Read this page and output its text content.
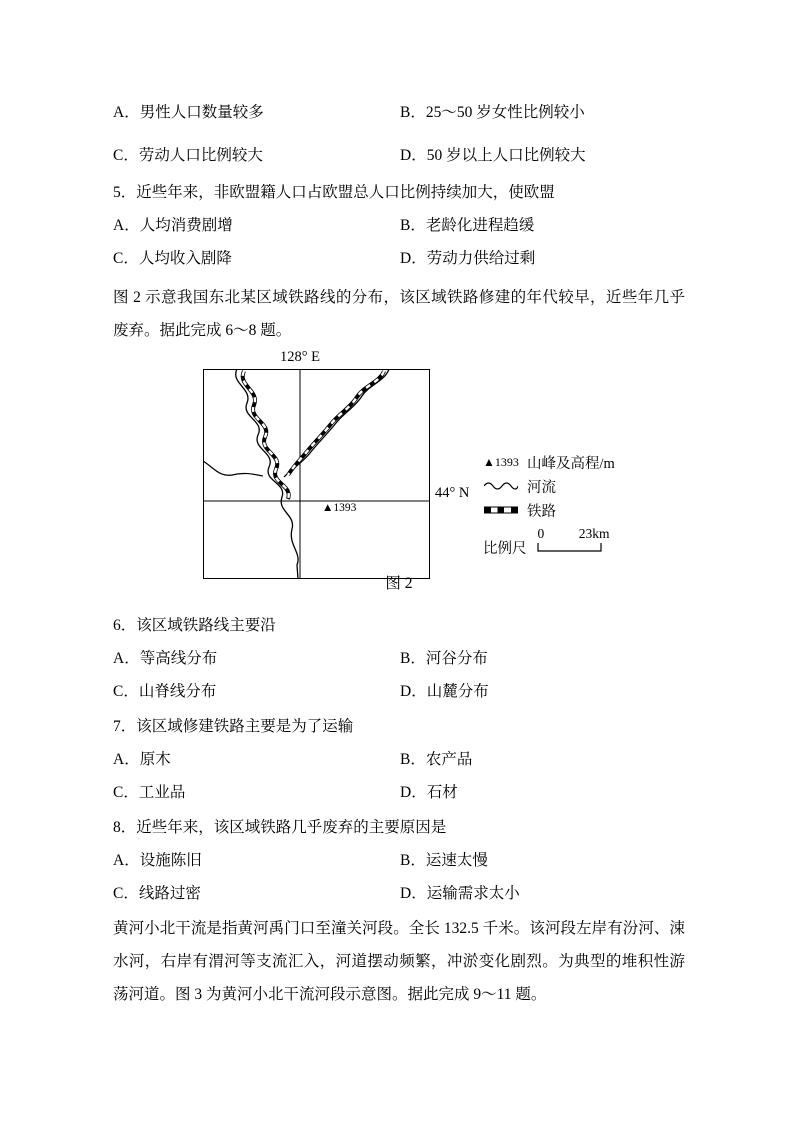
A．男性人口数量较多	B．25～50 岁女性比例较小
C．劳动人口比例较大	D．50 岁以上人口比例较大
5．近些年来，非欧盟籍人口占欧盟总人口比例持续加大，使欧盟
A．人均消费剧增	B．老龄化进程趋缓
C．人均收入剧降	D．劳动力供给过剩
图 2 示意我国东北某区域铁路线的分布，该区域铁路修建的年代较早，近些年几乎废弃。据此完成 6～8 题。
128° E
▲1393
44° N
▲1393 山峰及高程/m
河流
铁路
比例尺
0	23km
图 2
6．该区域铁路线主要沿
A．等高线分布	B．河谷分布
C．山脊线分布	D．山麓分布
7．该区域修建铁路主要是为了运输
A．原木	B．农产品
C．工业品	D．石材
8．近些年来，该区域铁路几乎废弃的主要原因是
A．设施陈旧	B．运速太慢
C．线路过密	D．运输需求太小
黄河小北干流是指黄河禹门口至潼关河段。全长 132.5 千米。该河段左岸有汾河、涑水河，右岸有渭河等支流汇入，河道摆动频繁，冲淤变化剧烈。为典型的堆积性游荡河道。图 3 为黄河小北干流河段示意图。据此完成 9～11 题。
